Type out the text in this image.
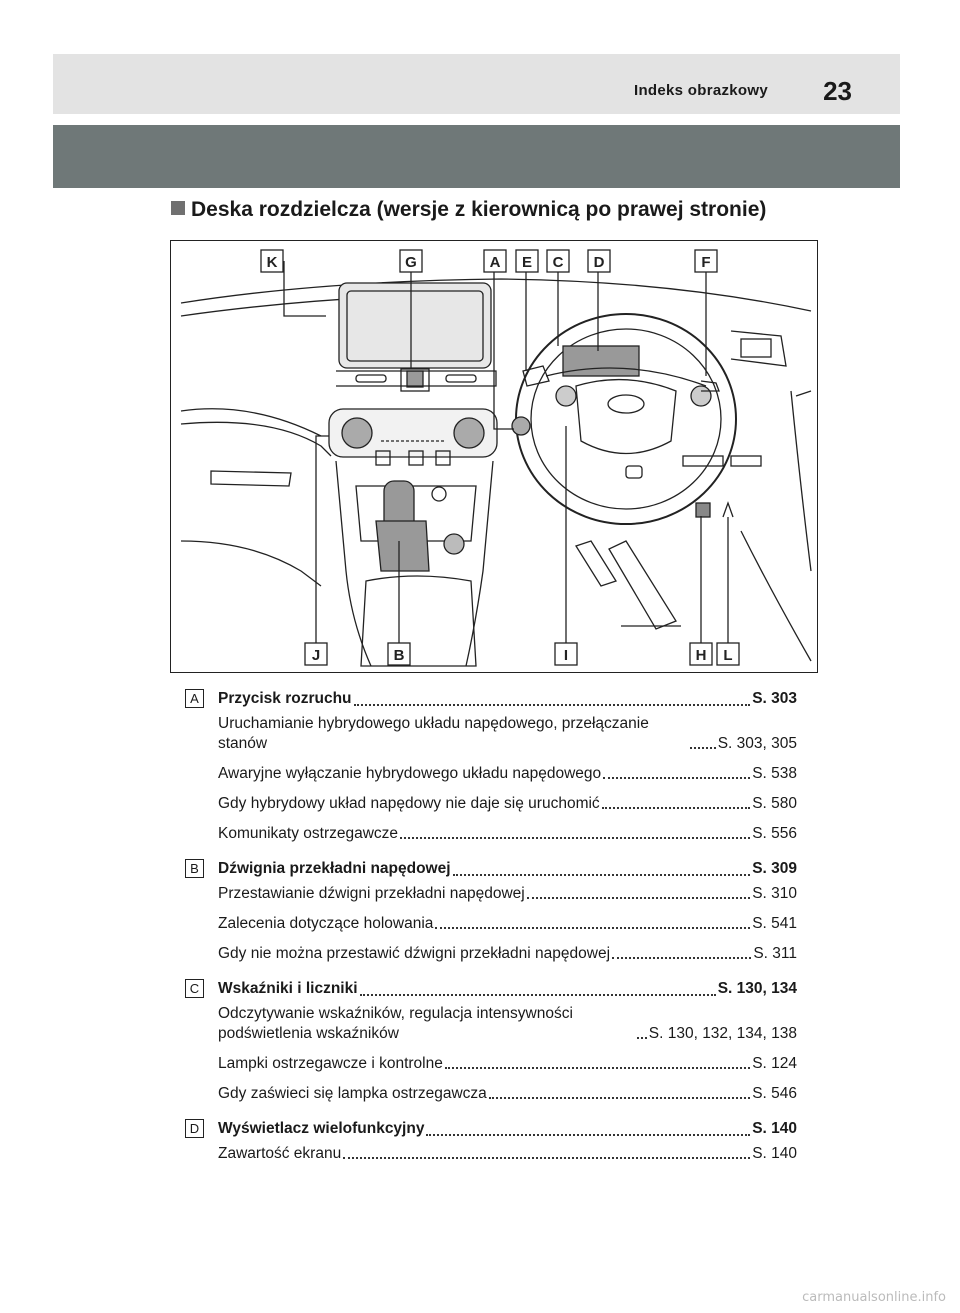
Indeks obrazkowy 23
Deska rozdzielcza (wersje z kierownicą po prawej stronie)
K	G	A E C D	F
J	B	I	H L
A	Przycisk rozruchu	S. 303
Uruchamianie hybrydowego układu napędowego, przełączanie stanów	S. 303, 305
Awaryjne wyłączanie hybrydowego układu napędowego	S. 538
Gdy hybrydowy układ napędowy nie daje się uruchomić	S. 580
Komunikaty ostrzegawcze	S. 556
B	Dźwignia przekładni napędowej	S. 309
Przestawianie dźwigni przekładni napędowej	S. 310
Zalecenia dotyczące holowania	S. 541
Gdy nie można przestawić dźwigni przekładni napędowej	S. 311
C	Wskaźniki i liczniki	S. 130, 134
Odczytywanie wskaźników, regulacja intensywności podświetlenia wskaźników	S. 130, 132, 134, 138
Lampki ostrzegawcze i kontrolne	S. 124
Gdy zaświeci się lampka ostrzegawcza	S. 546
D	Wyświetlacz wielofunkcyjny	S. 140
Zawartość ekranu	S. 140
carmanualsonline.info
